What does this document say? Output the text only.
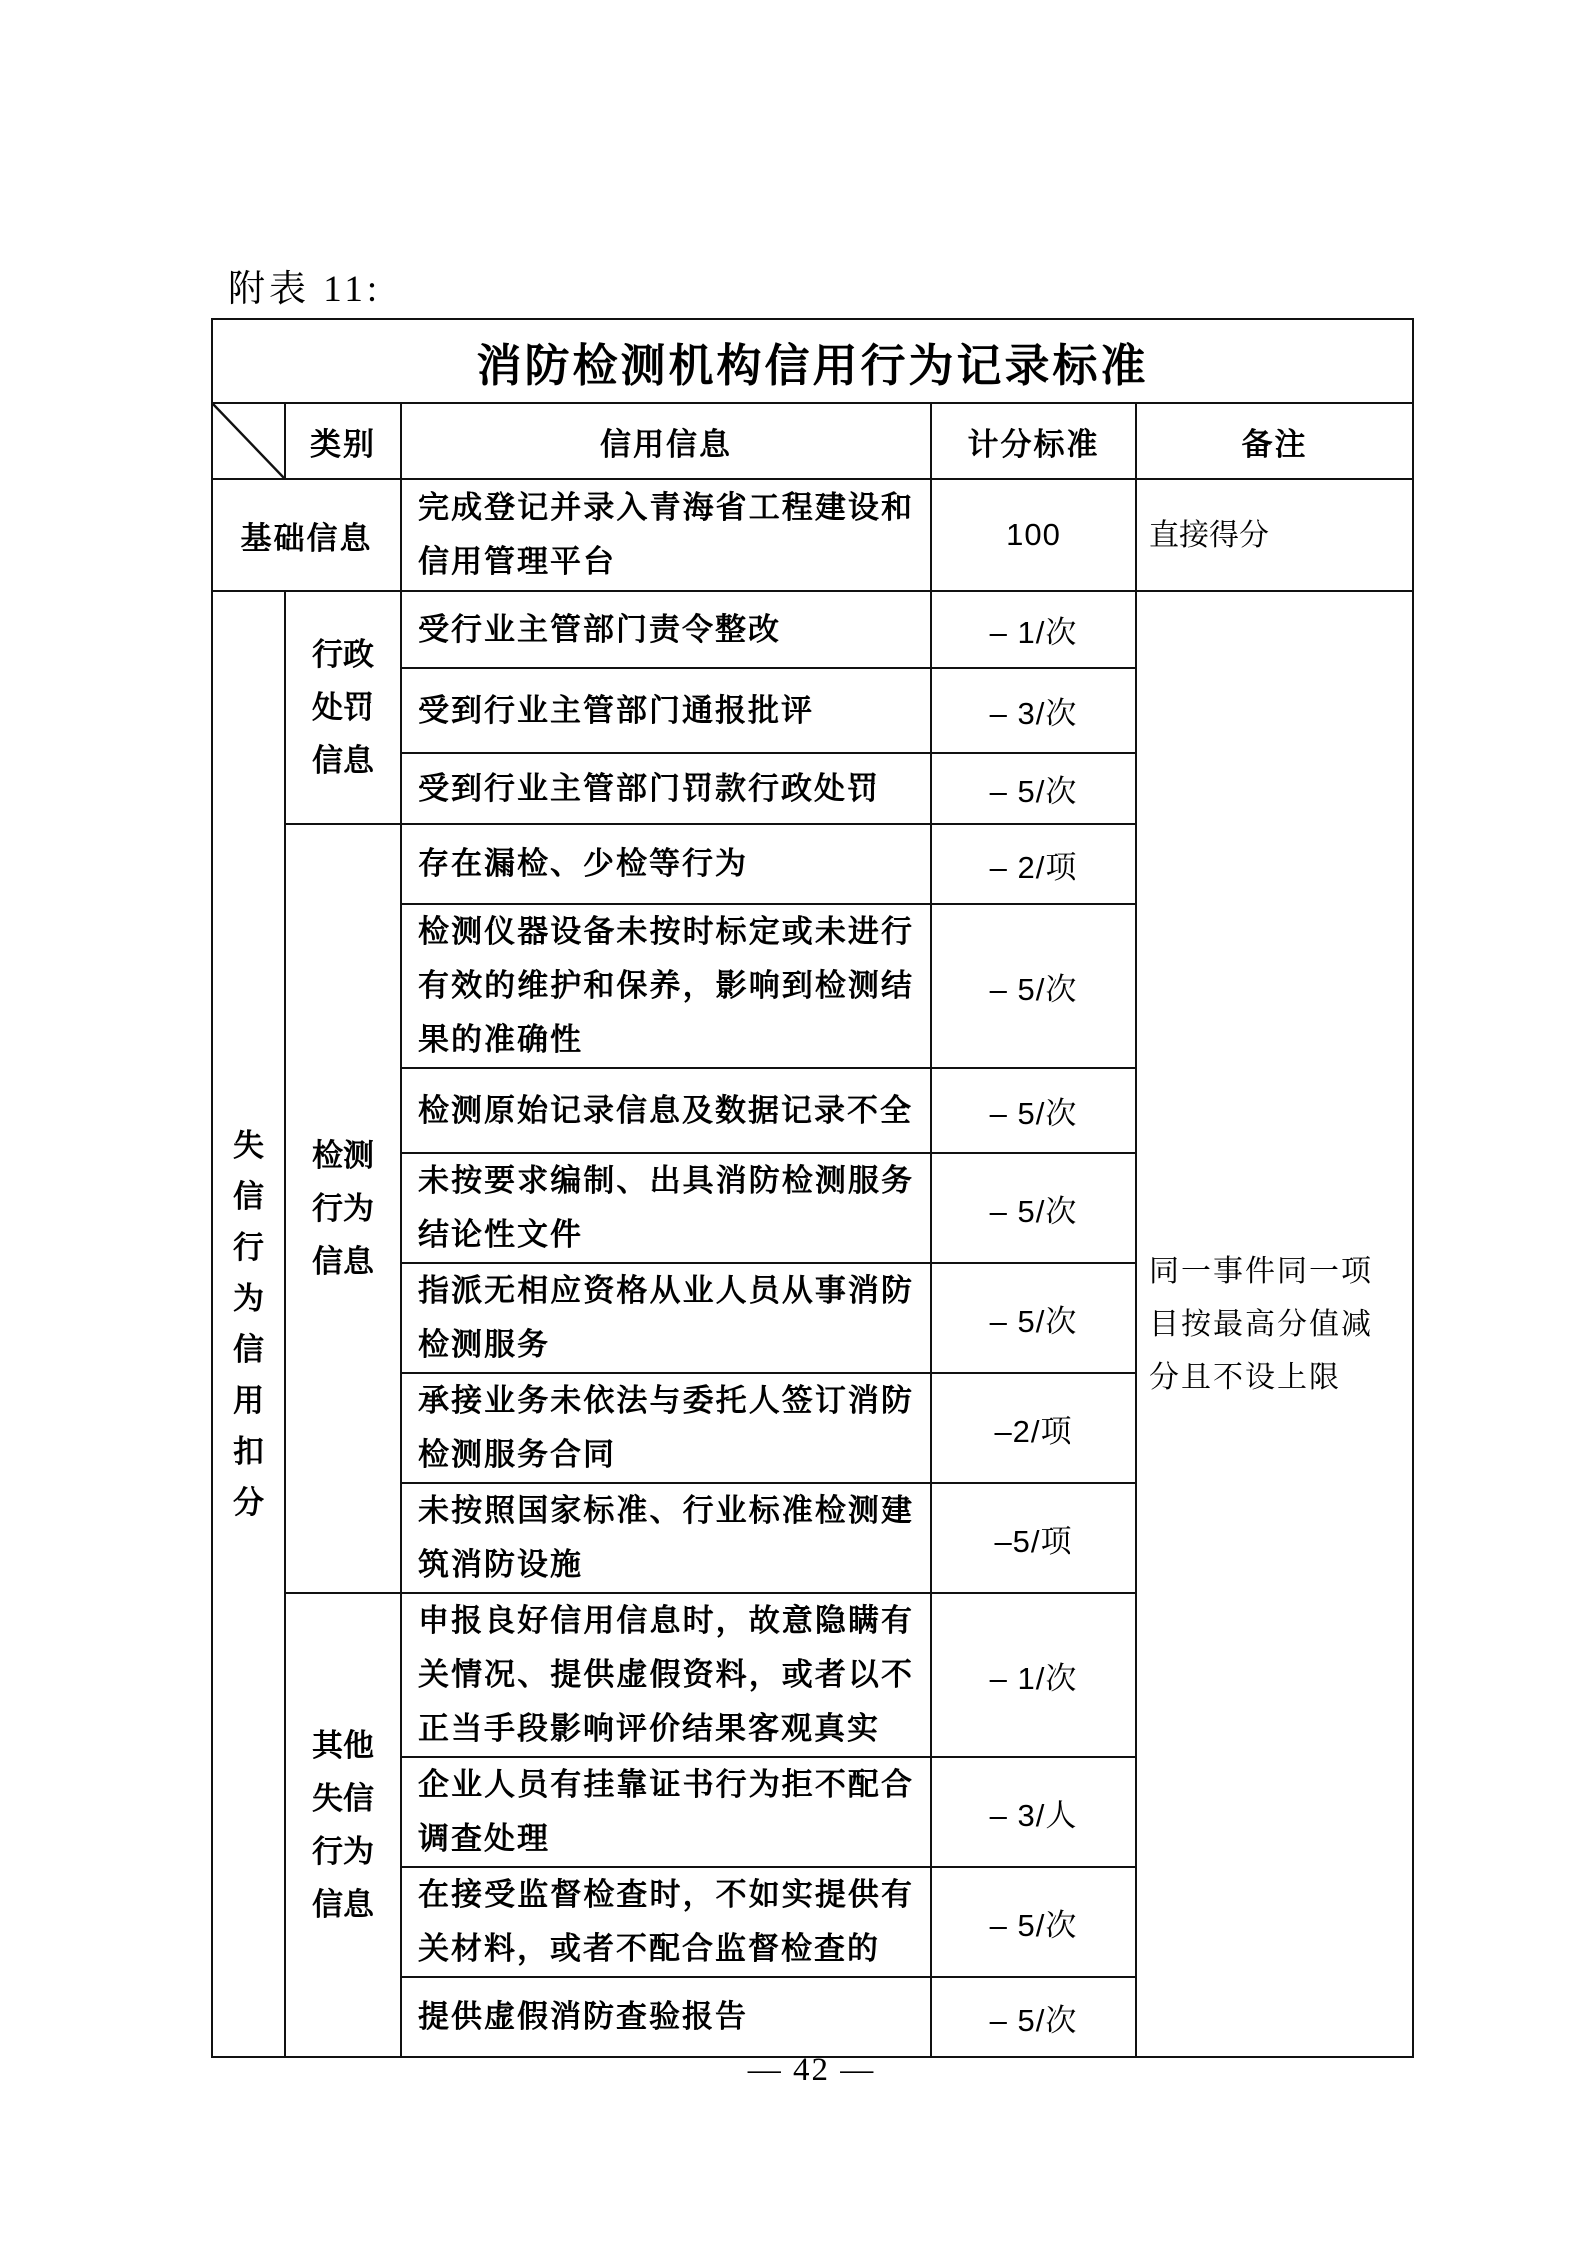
附表 11:
消防检测机构信用行为记录标准				

	类别	信用信息	计分标准	备注
基础信息		完成登记并录入青海省工程建设和信用管理平台	100	直接得分

失信行为信用扣分	行政处罚信息	受行业主管部门责令整改	– 1/次	同一事件同一项目按最高分值减分且不设上限

		受到行业主管部门通报批评	– 3/次	
		受到行业主管部门罚款行政处罚	– 5/次	

	检测行为信息	存在漏检、少检等行为	– 2/项	
		检测仪器设备未按时标定或未进行有效的维护和保养，影响到检测结果的准确性	– 5/次	
		检测原始记录信息及数据记录不全	– 5/次	
		未按要求编制、出具消防检测服务结论性文件	– 5/次	
		指派无相应资格从业人员从事消防检测服务	– 5/次	
		承接业务未依法与委托人签订消防检测服务合同	–2/项	
		未按照国家标准、行业标准检测建筑消防设施	–5/项	

	其他失信行为信息	申报良好信用信息时，故意隐瞒有关情况、提供虚假资料，或者以不正当手段影响评价结果客观真实	– 1/次	
		企业人员有挂靠证书行为拒不配合调查处理	– 3/人	
		在接受监督检查时，不如实提供有关材料，或者不配合监督检查的	– 5/次	
		提供虚假消防查验报告	– 5/次	
— 42 —
